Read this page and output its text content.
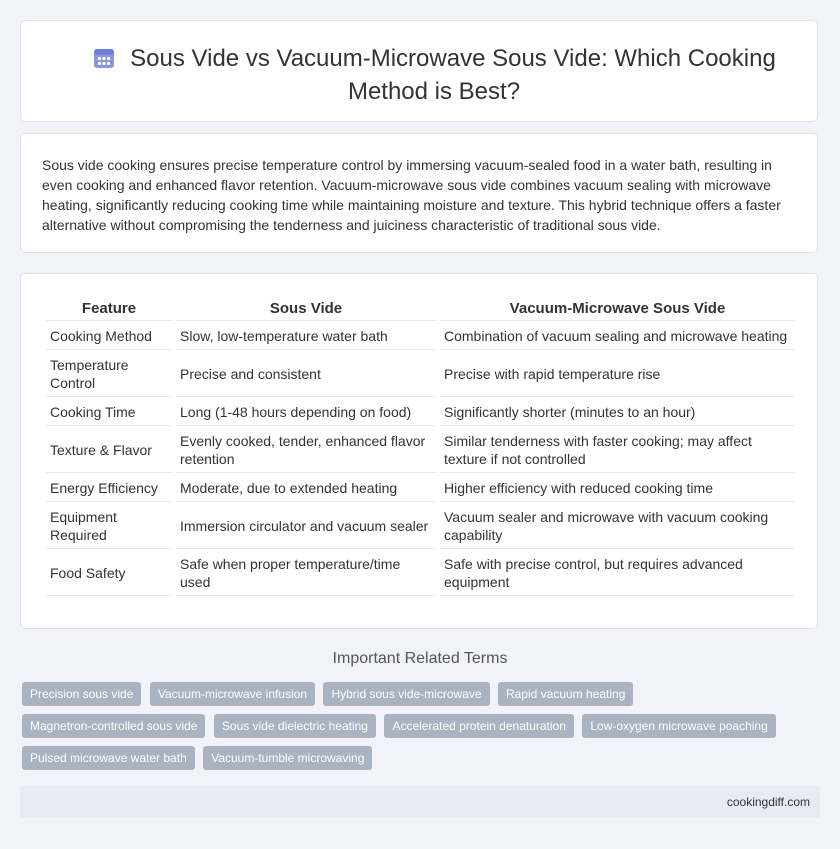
Sous Vide vs Vacuum-Microwave Sous Vide: Which Cooking Method is Best?
Sous vide cooking ensures precise temperature control by immersing vacuum-sealed food in a water bath, resulting in even cooking and enhanced flavor retention. Vacuum-microwave sous vide combines vacuum sealing with microwave heating, significantly reducing cooking time while maintaining moisture and texture. This hybrid technique offers a faster alternative without compromising the tenderness and juiciness characteristic of traditional sous vide.
Feature	Sous Vide	Vacuum-Microwave Sous Vide
Cooking Method	Slow, low-temperature water bath	Combination of vacuum sealing and microwave heating
Temperature Control	Precise and consistent	Precise with rapid temperature rise
Cooking Time	Long (1-48 hours depending on food)	Significantly shorter (minutes to an hour)
Texture & Flavor	Evenly cooked, tender, enhanced flavor retention	Similar tenderness with faster cooking; may affect texture if not controlled
Energy Efficiency	Moderate, due to extended heating	Higher efficiency with reduced cooking time
Equipment Required	Immersion circulator and vacuum sealer	Vacuum sealer and microwave with vacuum cooking capability
Food Safety	Safe when proper temperature/time used	Safe with precise control, but requires advanced equipment
Important Related Terms
Precision sous vide Vacuum-microwave infusion Hybrid sous vide-microwave Rapid vacuum heating
Magnetron-controlled sous vide Sous vide dielectric heating Accelerated protein denaturation Low-oxygen microwave poaching
Pulsed microwave water bath Vacuum-tumble microwaving
cookingdiff.com
